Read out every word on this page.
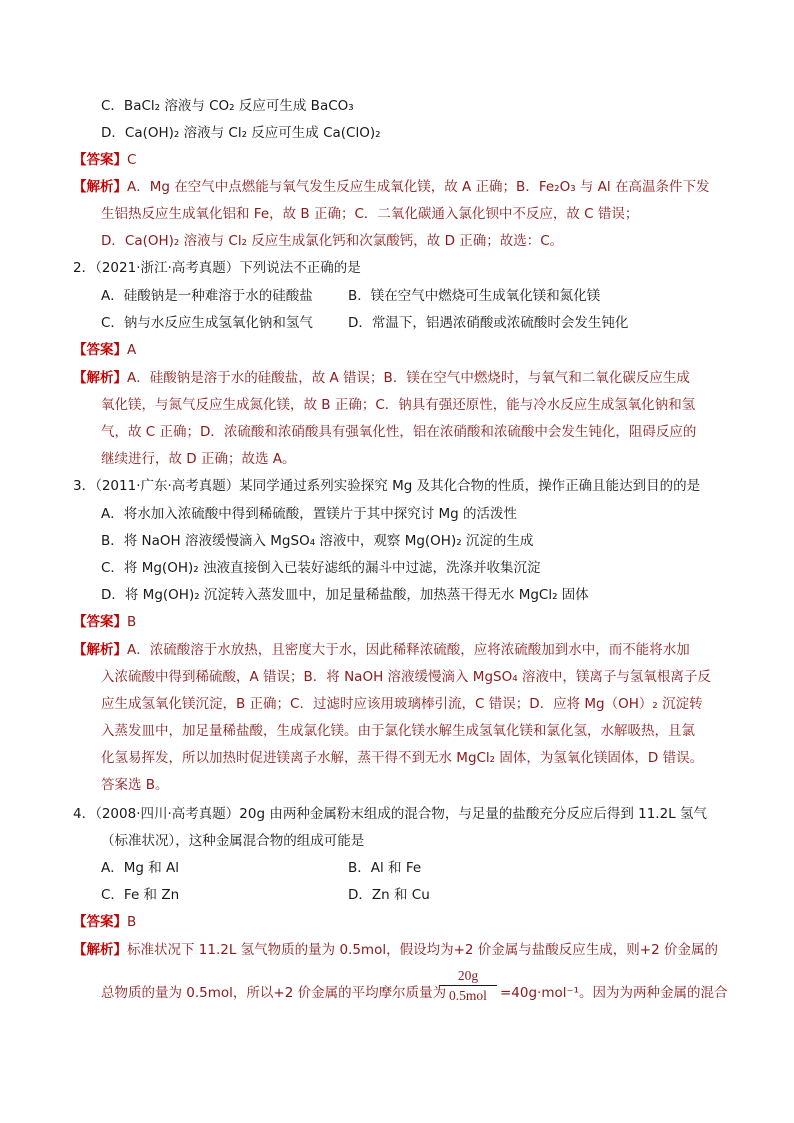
C．BaCl₂ 溶液与 CO₂ 反应可生成 BaCO₃
D．Ca(OH)₂ 溶液与 Cl₂ 反应可生成 Ca(ClO)₂
【答案】C
【解析】A．Mg 在空气中点燃能与氧气发生反应生成氧化镁，故 A 正确；B．Fe₂O₃ 与 Al 在高温条件下发
生铝热反应生成氧化铝和 Fe，故 B 正确；C．二氧化碳通入氯化钡中不反应，故 C 错误；
D．Ca(OH)₂ 溶液与 Cl₂ 反应生成氯化钙和次氯酸钙，故 D 正确；故选：C。
2．（2021·浙江·高考真题）下列说法不正确的是
A．硅酸钠是一种难溶于水的硅酸盐	B．镁在空气中燃烧可生成氧化镁和氮化镁
C．钠与水反应生成氢氧化钠和氢气	D．常温下，铝遇浓硝酸或浓硫酸时会发生钝化
【答案】A
【解析】A．硅酸钠是溶于水的硅酸盐，故 A 错误；B．镁在空气中燃烧时，与氧气和二氧化碳反应生成
氧化镁，与氮气反应生成氮化镁，故 B 正确；C．钠具有强还原性，能与冷水反应生成氢氧化钠和氢
气，故 C 正确；D．浓硫酸和浓硝酸具有强氧化性，铝在浓硝酸和浓硫酸中会发生钝化，阻碍反应的
继续进行，故 D 正确；故选 A。
3．（2011·广东·高考真题）某同学通过系列实验探究 Mg 及其化合物的性质，操作正确且能达到目的的是
A．将水加入浓硫酸中得到稀硫酸，置镁片于其中探究讨 Mg 的活泼性
B．将 NaOH 溶液缓慢滴入 MgSO₄ 溶液中，观察 Mg(OH)₂ 沉淀的生成
C．将 Mg(OH)₂ 浊液直接倒入已装好滤纸的漏斗中过滤，洗涤并收集沉淀
D．将 Mg(OH)₂ 沉淀转入蒸发皿中，加足量稀盐酸，加热蒸干得无水 MgCl₂ 固体
【答案】B
【解析】A．浓硫酸溶于水放热，且密度大于水，因此稀释浓硫酸，应将浓硫酸加到水中，而不能将水加
入浓硫酸中得到稀硫酸，A 错误；B．将 NaOH 溶液缓慢滴入 MgSO₄ 溶液中，镁离子与氢氧根离子反
应生成氢氧化镁沉淀，B 正确；C．过滤时应该用玻璃棒引流，C 错误；D．应将 Mg（OH）₂ 沉淀转
入蒸发皿中，加足量稀盐酸，生成氯化镁。由于氯化镁水解生成氢氧化镁和氯化氢，水解吸热，且氯
化氢易挥发，所以加热时促进镁离子水解，蒸干得不到无水 MgCl₂ 固体，为氢氧化镁固体，D 错误。
答案选 B。
4．（2008·四川·高考真题）20g 由两种金属粉末组成的混合物，与足量的盐酸充分反应后得到 11.2L 氢气
（标准状况），这种金属混合物的组成可能是
A．Mg 和 Al	B．Al 和 Fe
C．Fe 和 Zn	D．Zn 和 Cu
【答案】B
【解析】标准状况下 11.2L 氢气物质的量为 0.5mol，假设均为+2 价金属与盐酸反应生成，则+2 价金属的
总物质的量为 0.5mol，所以+2 价金属的平均摩尔质量为
20g
0.5mol =40g·mol⁻¹。因为为两种金属的混合
